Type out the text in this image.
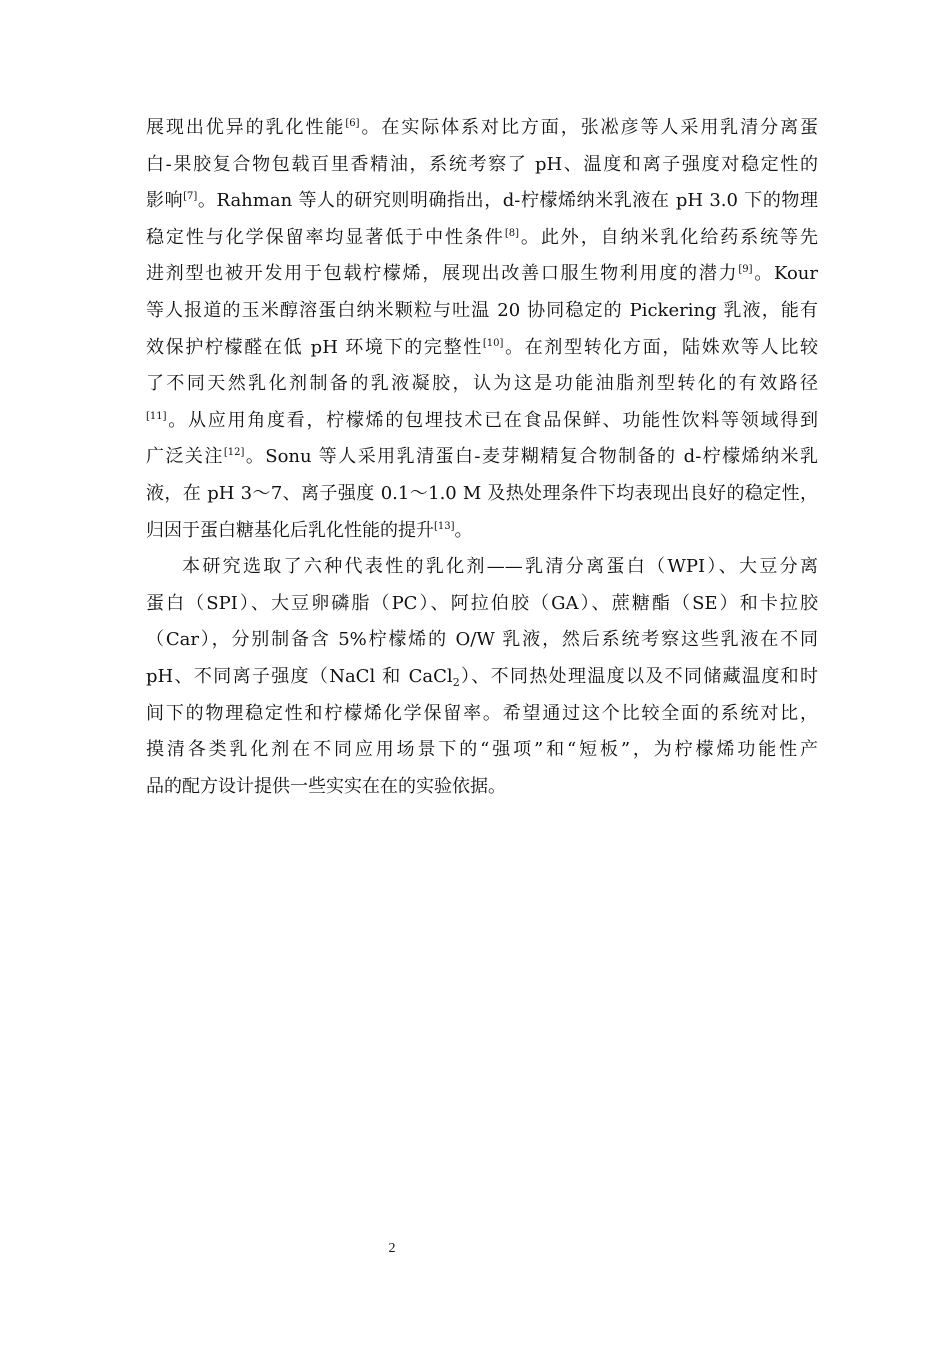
展现出优异的乳化性能[6]。在实际体系对比方面，张凇彦等人采用乳清分离蛋
白-果胶复合物包载百里香精油，系统考察了 pH、温度和离子强度对稳定性的
影响[7]。Rahman 等人的研究则明确指出，d-柠檬烯纳米乳液在 pH 3.0 下的物理
稳定性与化学保留率均显著低于中性条件[8]。此外，自纳米乳化给药系统等先
进剂型也被开发用于包载柠檬烯，展现出改善口服生物利用度的潜力[9]。Kour
等人报道的玉米醇溶蛋白纳米颗粒与吐温 20 协同稳定的 Pickering 乳液，能有
效保护柠檬醛在低 pH 环境下的完整性[10]。在剂型转化方面，陆姝欢等人比较
了不同天然乳化剂制备的乳液凝胶，认为这是功能油脂剂型转化的有效路径
[11]。从应用角度看，柠檬烯的包埋技术已在食品保鲜、功能性饮料等领域得到
广泛关注[12]。Sonu 等人采用乳清蛋白-麦芽糊精复合物制备的 d-柠檬烯纳米乳
液，在 pH 3～7、离子强度 0.1～1.0 M 及热处理条件下均表现出良好的稳定性，
归因于蛋白糖基化后乳化性能的提升[13]。
本研究选取了六种代表性的乳化剂——乳清分离蛋白（WPI）、大豆分离
蛋白（SPI）、大豆卵磷脂（PC）、阿拉伯胶（GA）、蔗糖酯（SE）和卡拉胶
（Car），分别制备含 5%柠檬烯的 O/W 乳液，然后系统考察这些乳液在不同
pH、不同离子强度（NaCl 和 CaCl$_2$）、不同热处理温度以及不同储藏温度和时
间下的物理稳定性和柠檬烯化学保留率。希望通过这个比较全面的系统对比，
摸清各类乳化剂在不同应用场景下的“强项”和“短板”，为柠檬烯功能性产
品的配方设计提供一些实实在在的实验依据。
2
